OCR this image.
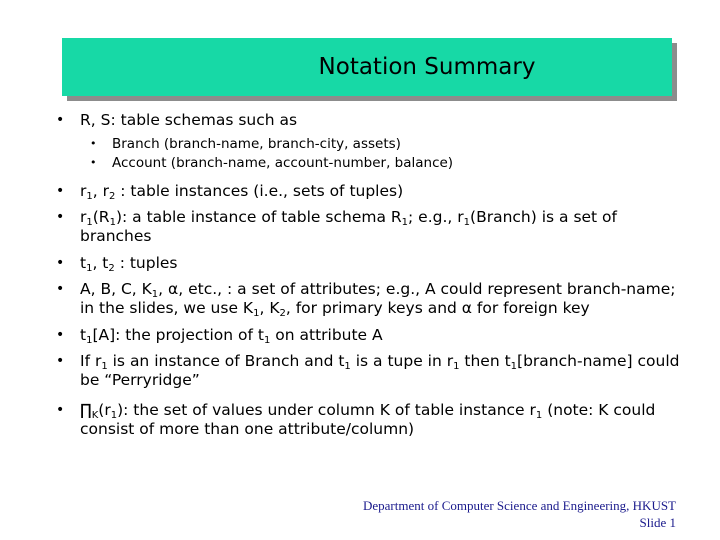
Notation Summary
• R, S: table schemas such as
• Branch (branch-name, branch-city, assets)
• Account (branch-name, account-number, balance)
• $r_1$, $r_2$ : table instances (i.e., sets of tuples)
• $r_1(R_1)$: a table instance of table schema $R_1$; e.g., $r_1(Branch)$ is a set of branches
• $t_1$, $t_2$ : tuples
• A, B, C, $K_1$, α, etc., : a set of attributes; e.g., A could represent branch-name; in the slides, we use $K_1$, $K_2$, for primary keys and α for foreign key
• $t_1[A]$: the projection of $t_1$ on attribute A
• If $r_1$ is an instance of Branch and $t_1$ is a tupe in $r_1$ then $t_1[branch-name]$ could be “Perryridge”
• $\prod_K(r_1)$: the set of values under column K of table instance $r_1$ (note: K could consist of more than one attribute/column)
Department of Computer Science and Engineering, HKUST
Slide 1
